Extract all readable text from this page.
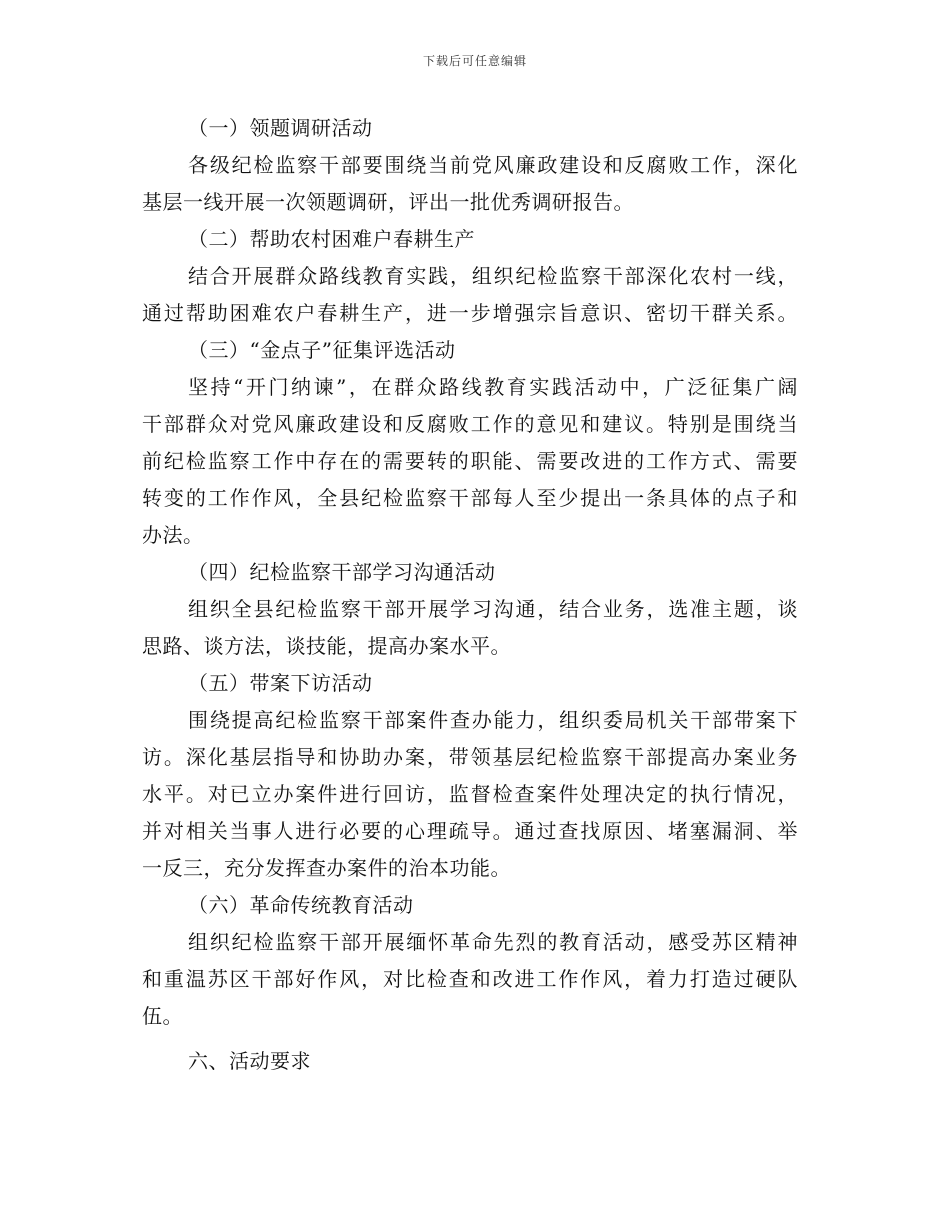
下载后可任意编辑
（一）领题调研活动
各级纪检监察干部要围绕当前党风廉政建设和反腐败工作，深化
基层一线开展一次领题调研，评出一批优秀调研报告。
（二）帮助农村困难户春耕生产
结合开展群众路线教育实践，组织纪检监察干部深化农村一线，
通过帮助困难农户春耕生产，进一步增强宗旨意识、密切干群关系。
（三）“金点子”征集评选活动
坚持“开门纳谏”，在群众路线教育实践活动中，广泛征集广阔
干部群众对党风廉政建设和反腐败工作的意见和建议。特别是围绕当
前纪检监察工作中存在的需要转的职能、需要改进的工作方式、需要
转变的工作作风，全县纪检监察干部每人至少提出一条具体的点子和
办法。
（四）纪检监察干部学习沟通活动
组织全县纪检监察干部开展学习沟通，结合业务，选准主题，谈
思路、谈方法，谈技能，提高办案水平。
（五）带案下访活动
围绕提高纪检监察干部案件查办能力，组织委局机关干部带案下
访。深化基层指导和协助办案，带领基层纪检监察干部提高办案业务
水平。对已立办案件进行回访，监督检查案件处理决定的执行情况，
并对相关当事人进行必要的心理疏导。通过查找原因、堵塞漏洞、举
一反三，充分发挥查办案件的治本功能。
（六）革命传统教育活动
组织纪检监察干部开展缅怀革命先烈的教育活动，感受苏区精神
和重温苏区干部好作风，对比检查和改进工作作风，着力打造过硬队
伍。
六、活动要求
